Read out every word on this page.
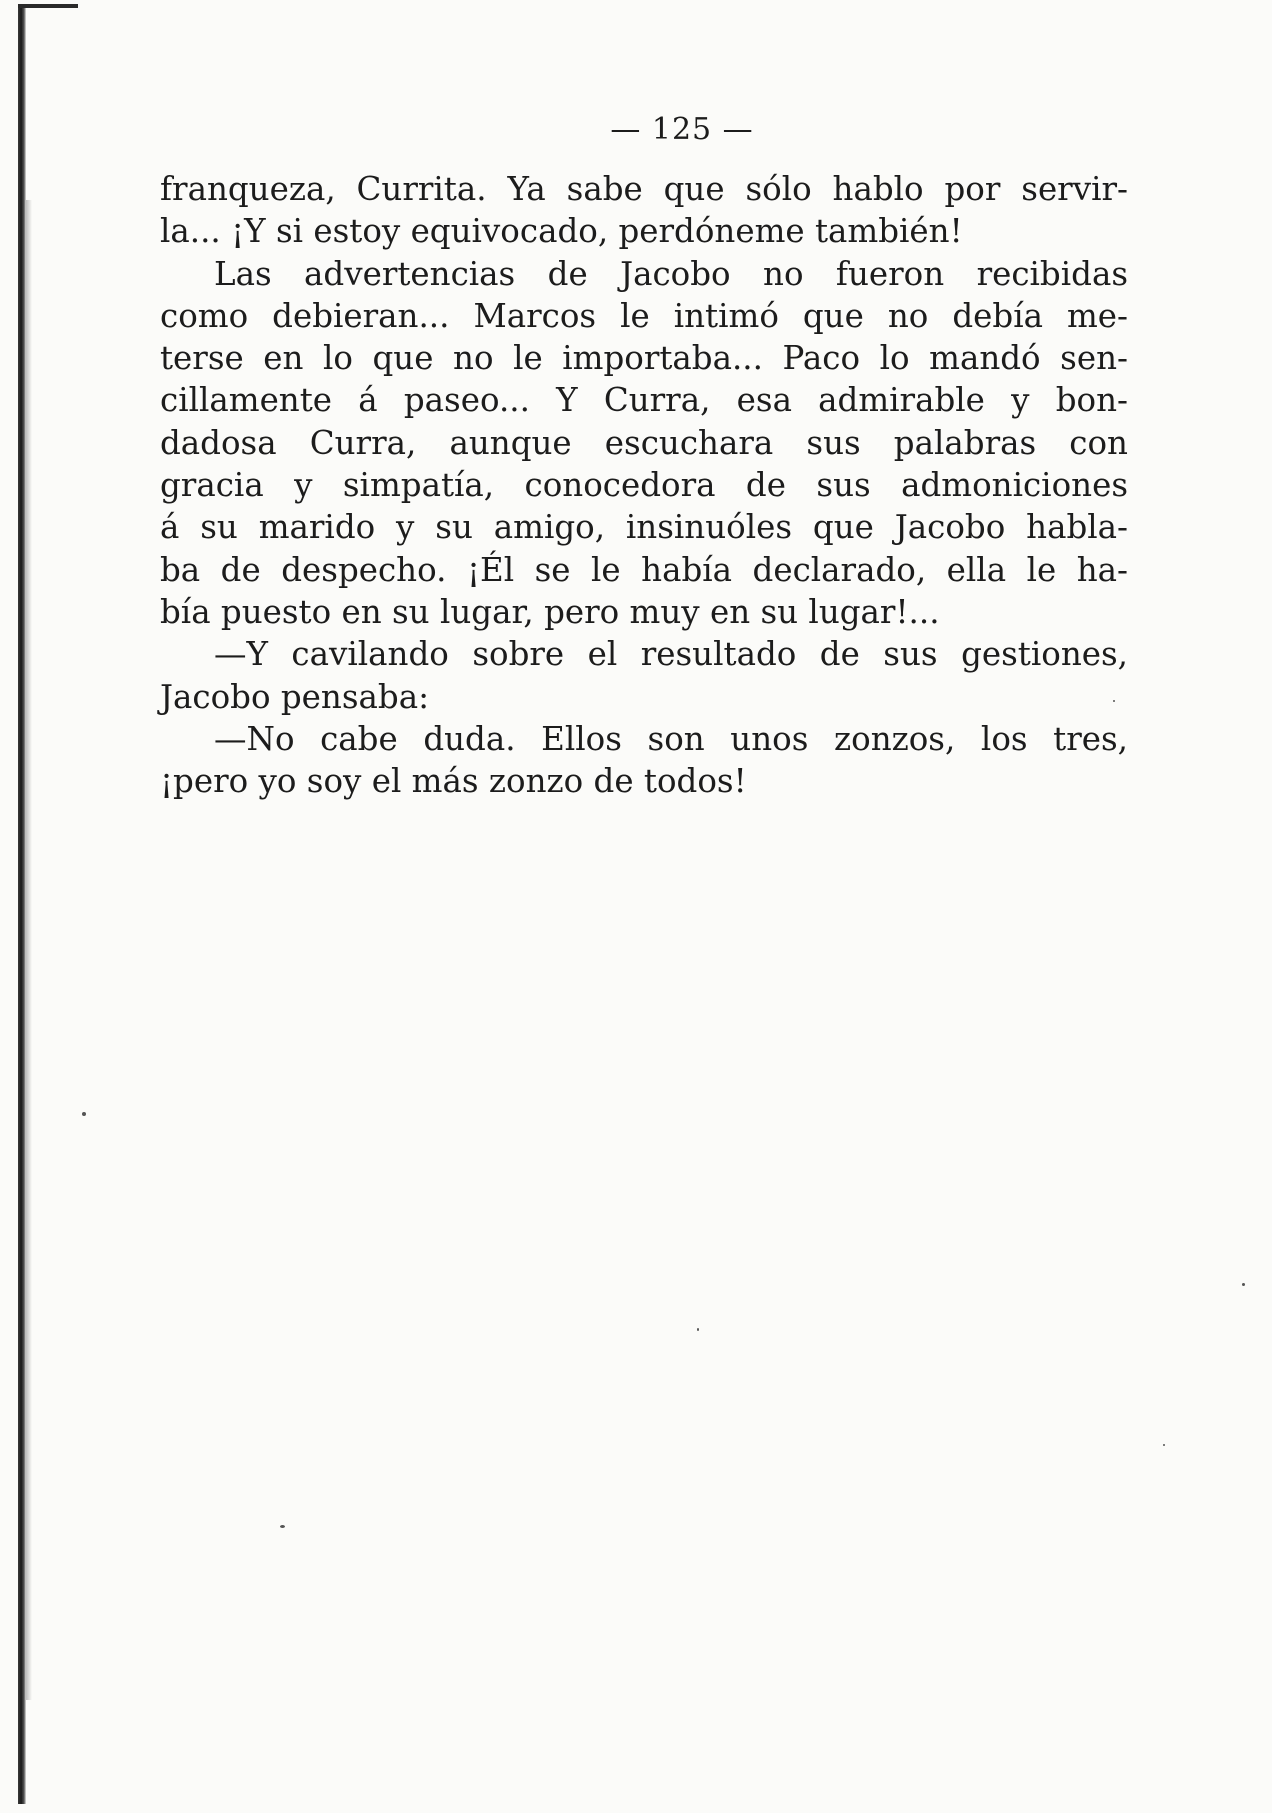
— 125 —
franqueza, Currita. Ya sabe que sólo hablo por servir-
la... ¡Y si estoy equivocado, perdóneme también!
Las advertencias de Jacobo no fueron recibidas
como debieran... Marcos le intimó que no debía me-
terse en lo que no le importaba... Paco lo mandó sen-
cillamente á paseo... Y Curra, esa admirable y bon-
dadosa Curra, aunque escuchara sus palabras con
gracia y simpatía, conocedora de sus admoniciones
á su marido y su amigo, insinuóles que Jacobo habla-
ba de despecho. ¡Él se le había declarado, ella le ha-
bía puesto en su lugar, pero muy en su lugar!...
—Y cavilando sobre el resultado de sus gestiones,
Jacobo pensaba:
—No cabe duda. Ellos son unos zonzos, los tres,
¡pero yo soy el más zonzo de todos!
